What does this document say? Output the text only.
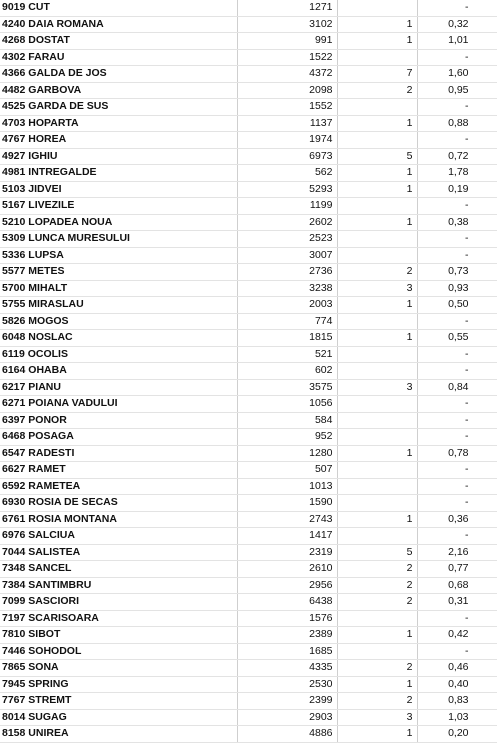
9019 CUT	1271		-
4240 DAIA ROMANA	3102	1	0,32
4268 DOSTAT	991	1	1,01
4302 FARAU	1522		-
4366 GALDA DE JOS	4372	7	1,60
4482 GARBOVA	2098	2	0,95
4525 GARDA DE SUS	1552		-
4703 HOPARTA	1137	1	0,88
4767 HOREA	1974		-
4927 IGHIU	6973	5	0,72
4981 INTREGALDE	562	1	1,78
5103 JIDVEI	5293	1	0,19
5167 LIVEZILE	1199		-
5210 LOPADEA NOUA	2602	1	0,38
5309 LUNCA MURESULUI	2523		-
5336 LUPSA	3007		-
5577 METES	2736	2	0,73
5700 MIHALT	3238	3	0,93
5755 MIRASLAU	2003	1	0,50
5826 MOGOS	774		-
6048 NOSLAC	1815	1	0,55
6119 OCOLIS	521		-
6164 OHABA	602		-
6217 PIANU	3575	3	0,84
6271 POIANA VADULUI	1056		-
6397 PONOR	584		-
6468 POSAGA	952		-
6547 RADESTI	1280	1	0,78
6627 RAMET	507		-
6592 RAMETEA	1013		-
6930 ROSIA DE SECAS	1590		-
6761 ROSIA MONTANA	2743	1	0,36
6976 SALCIUA	1417		-
7044 SALISTEA	2319	5	2,16
7348 SANCEL	2610	2	0,77
7384 SANTIMBRU	2956	2	0,68
7099 SASCIORI	6438	2	0,31
7197 SCARISOARA	1576		-
7810 SIBOT	2389	1	0,42
7446 SOHODOL	1685		-
7865 SONA	4335	2	0,46
7945 SPRING	2530	1	0,40
7767 STREMT	2399	2	0,83
8014 SUGAG	2903	3	1,03
8158 UNIREA	4886	1	0,20
